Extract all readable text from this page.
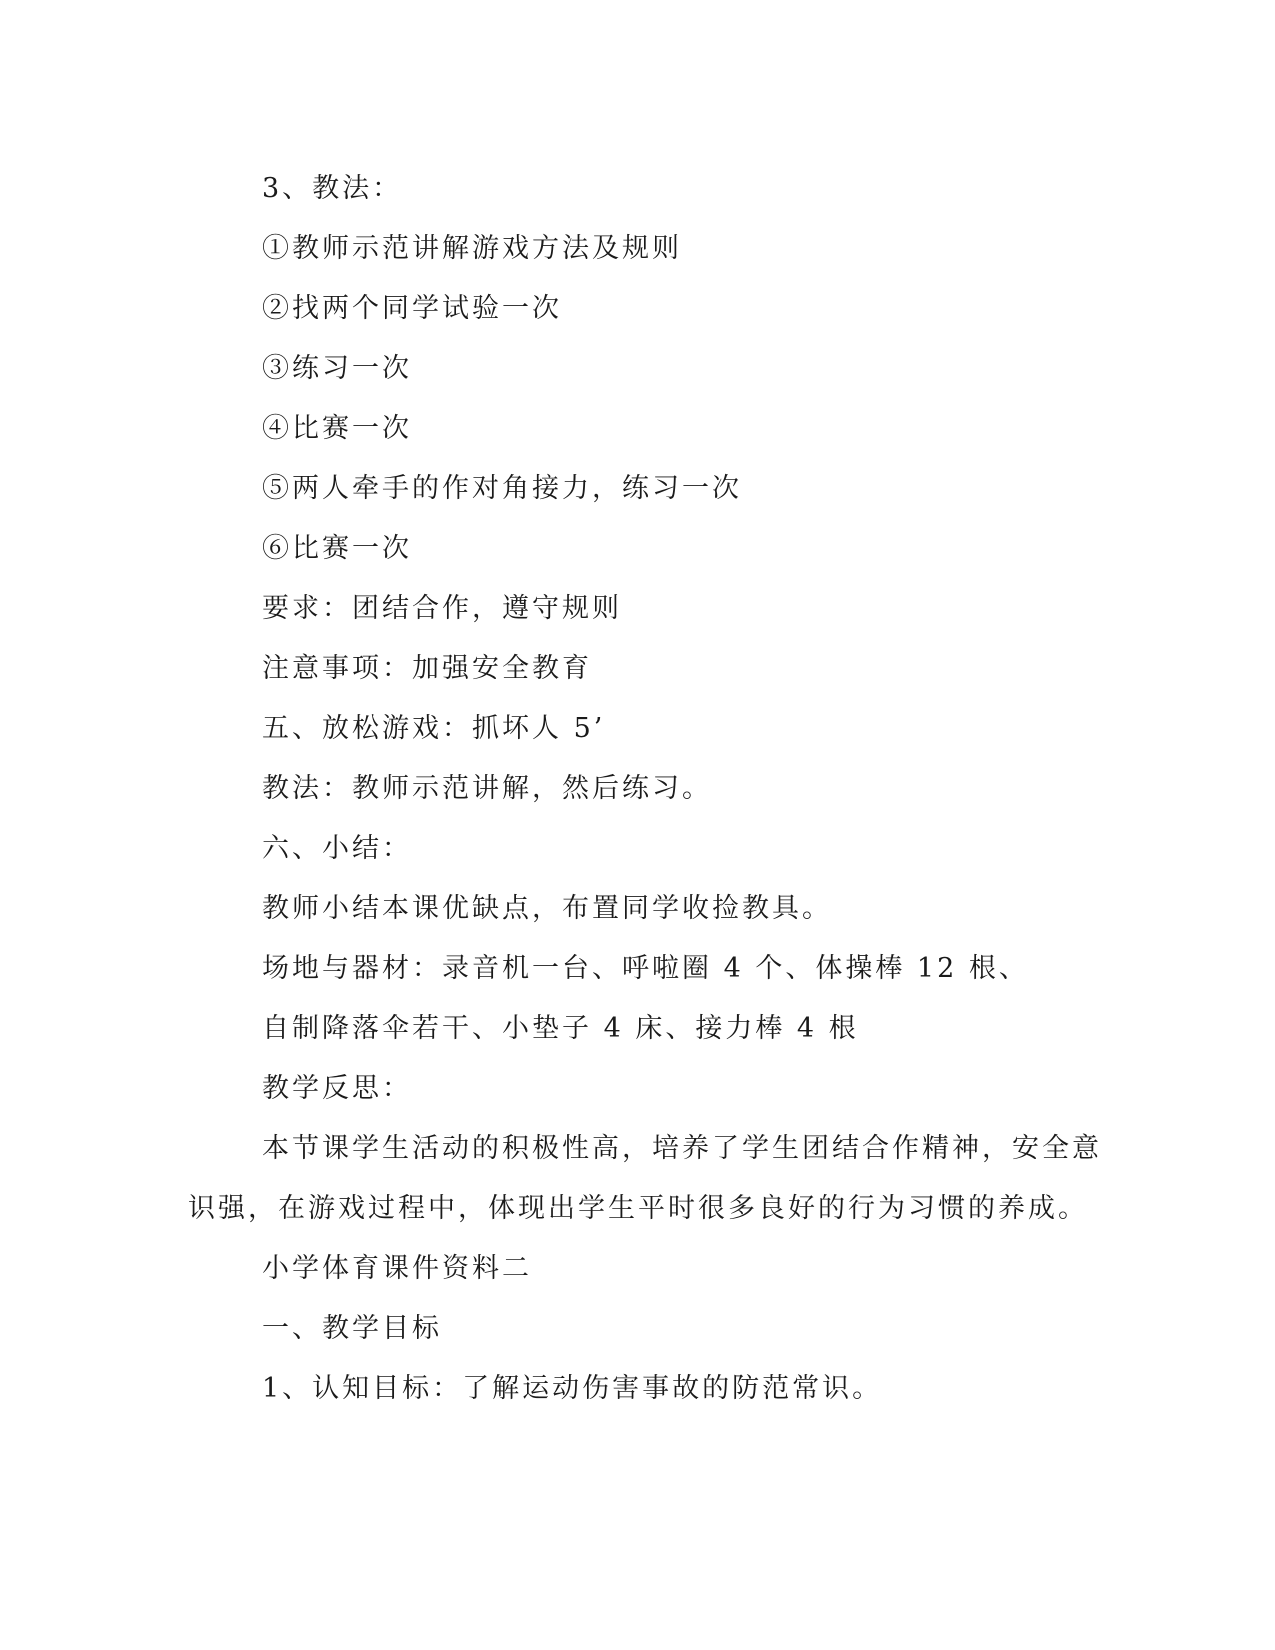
3、教法：
①教师示范讲解游戏方法及规则
②找两个同学试验一次
③练习一次
④比赛一次
⑤两人牵手的作对角接力，练习一次
⑥比赛一次
要求：团结合作，遵守规则
注意事项：加强安全教育
五、放松游戏：抓坏人 5’
教法：教师示范讲解，然后练习。
六、小结：
教师小结本课优缺点，布置同学收捡教具。
场地与器材：录音机一台、呼啦圈 4 个、体操棒 12 根、
自制降落伞若干、小垫子 4 床、接力棒 4 根
教学反思：
本节课学生活动的积极性高，培养了学生团结合作精神，安全意
识强，在游戏过程中，体现出学生平时很多良好的行为习惯的养成。
小学体育课件资料二
一、教学目标
1、认知目标：了解运动伤害事故的防范常识。
